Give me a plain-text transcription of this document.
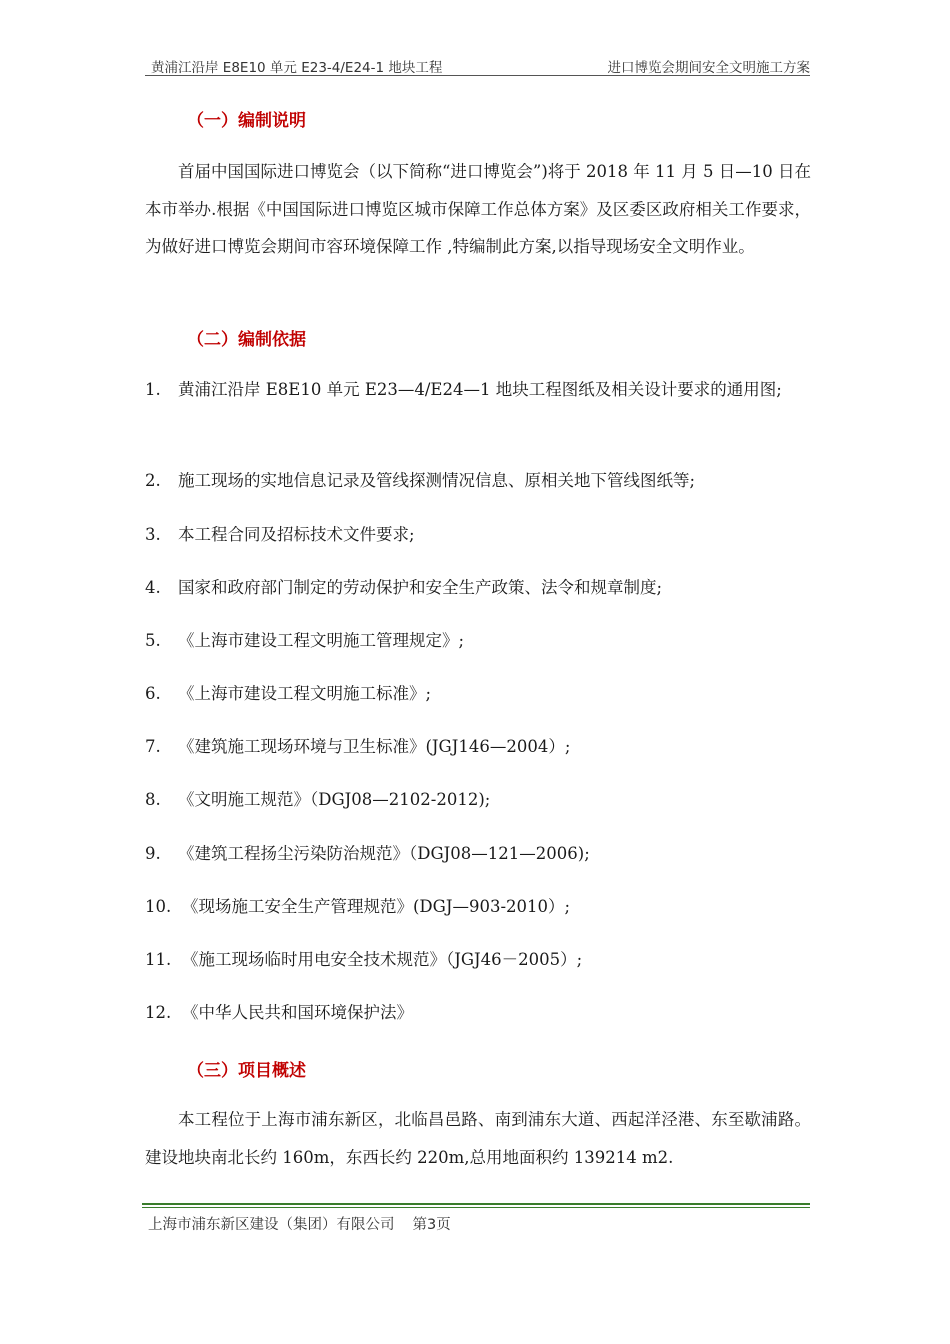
黄浦江沿岸 E8E10 单元 E23-4/E24-1 地块工程	进口博览会期间安全文明施工方案
（一）编制说明
首届中国国际进口博览会（以下简称“进口博览会”)将于 2018 年 11 月 5 日—10 日在本市举办.根据《中国国际进口博览区城市保障工作总体方案》及区委区政府相关工作要求，为做好进口博览会期间市容环境保障工作 ,特编制此方案,以指导现场安全文明作业。
（二）编制依据
1. 黄浦江沿岸 E8E10 单元 E23—4/E24—1 地块工程图纸及相关设计要求的通用图;
2. 施工现场的实地信息记录及管线探测情况信息、原相关地下管线图纸等;
3. 本工程合同及招标技术文件要求;
4. 国家和政府部门制定的劳动保护和安全生产政策、法令和规章制度;
5. 《上海市建设工程文明施工管理规定》;
6. 《上海市建设工程文明施工标准》;
7. 《建筑施工现场环境与卫生标准》(JGJ146—2004）;
8. 《文明施工规范》（DGJ08—2102-2012);
9. 《建筑工程扬尘污染防治规范》（DGJ08—121—2006);
10. 《现场施工安全生产管理规范》(DGJ—903-2010）;
11. 《施工现场临时用电安全技术规范》（JGJ46－2005）;
12. 《中华人民共和国环境保护法》
（三）项目概述
本工程位于上海市浦东新区，北临昌邑路、南到浦东大道、西起洋泾港、东至歇浦路。建设地块南北长约 160m，东西长约 220m,总用地面积约 139214 m2.
上海市浦东新区建设（集团）有限公司 第3页
